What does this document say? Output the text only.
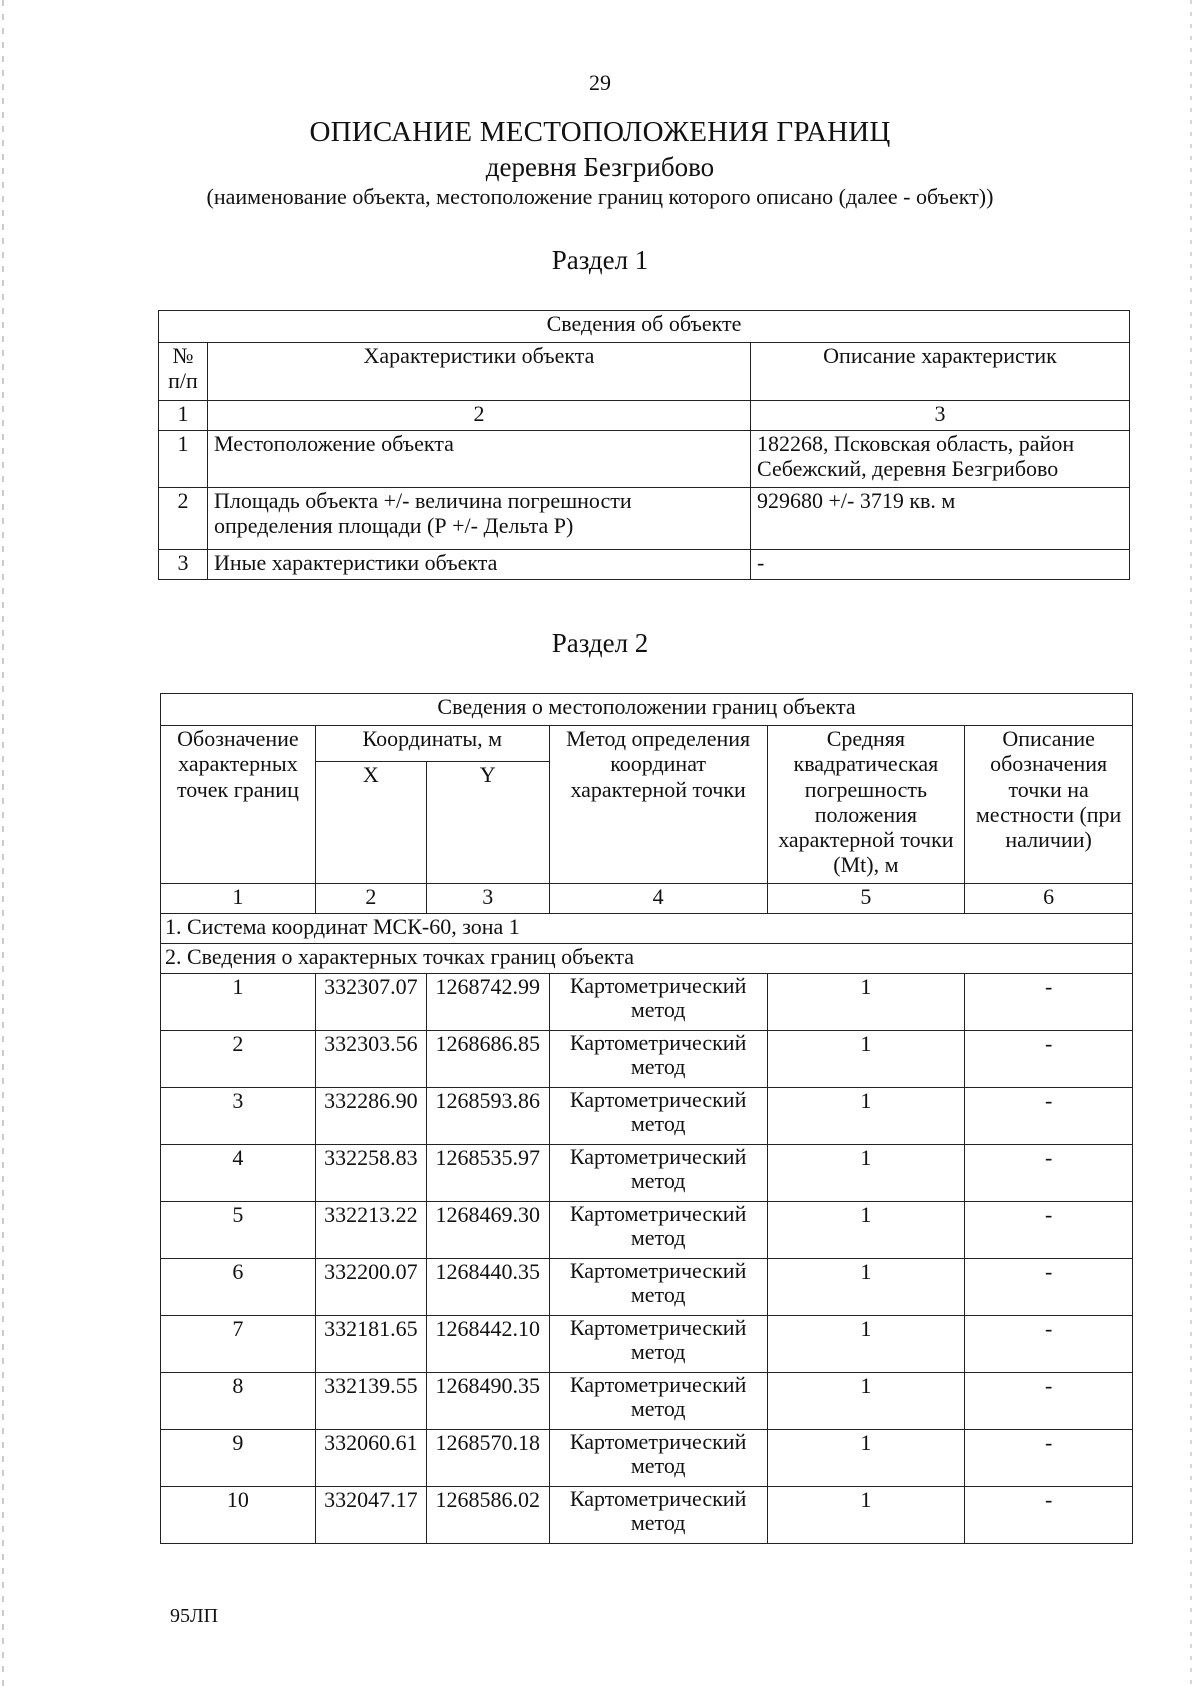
29
ОПИСАНИЕ МЕСТОПОЛОЖЕНИЯ ГРАНИЦ
деревня Безгрибово
(наименование объекта, местоположение границ которого описано (далее - объект))
Раздел 1
Сведения об объекте		
№ п/п	Характеристики объекта	Описание характеристик
1	2	3
1	Местоположение объекта	182268, Псковская область, район Себежский, деревня Безгрибово
2	Площадь объекта +/- величина погрешности определения площади (Р +/- Дельта Р)	929680 +/- 3719 кв. м
3	Иные характеристики объекта	-
Раздел 2
Сведения о местоположении границ объекта					
Обозначение характерных точек границ	Координаты, м		Метод определения координат характерной точки	Средняя квадратическая погрешность положения характерной точки (Mt), м	Описание обозначения точки на местности (при наличии)
	X	Y			
1	2	3	4	5	6
1. Система координат МСК-60, зона 1					
2. Сведения о характерных точках границ объекта					
1	332307.07	1268742.99	Картометрический метод	1	-
2	332303.56	1268686.85	Картометрический метод	1	-
3	332286.90	1268593.86	Картометрический метод	1	-
4	332258.83	1268535.97	Картометрический метод	1	-
5	332213.22	1268469.30	Картометрический метод	1	-
6	332200.07	1268440.35	Картометрический метод	1	-
7	332181.65	1268442.10	Картометрический метод	1	-
8	332139.55	1268490.35	Картометрический метод	1	-
9	332060.61	1268570.18	Картометрический метод	1	-
10	332047.17	1268586.02	Картометрический метод	1	-
95ЛП
